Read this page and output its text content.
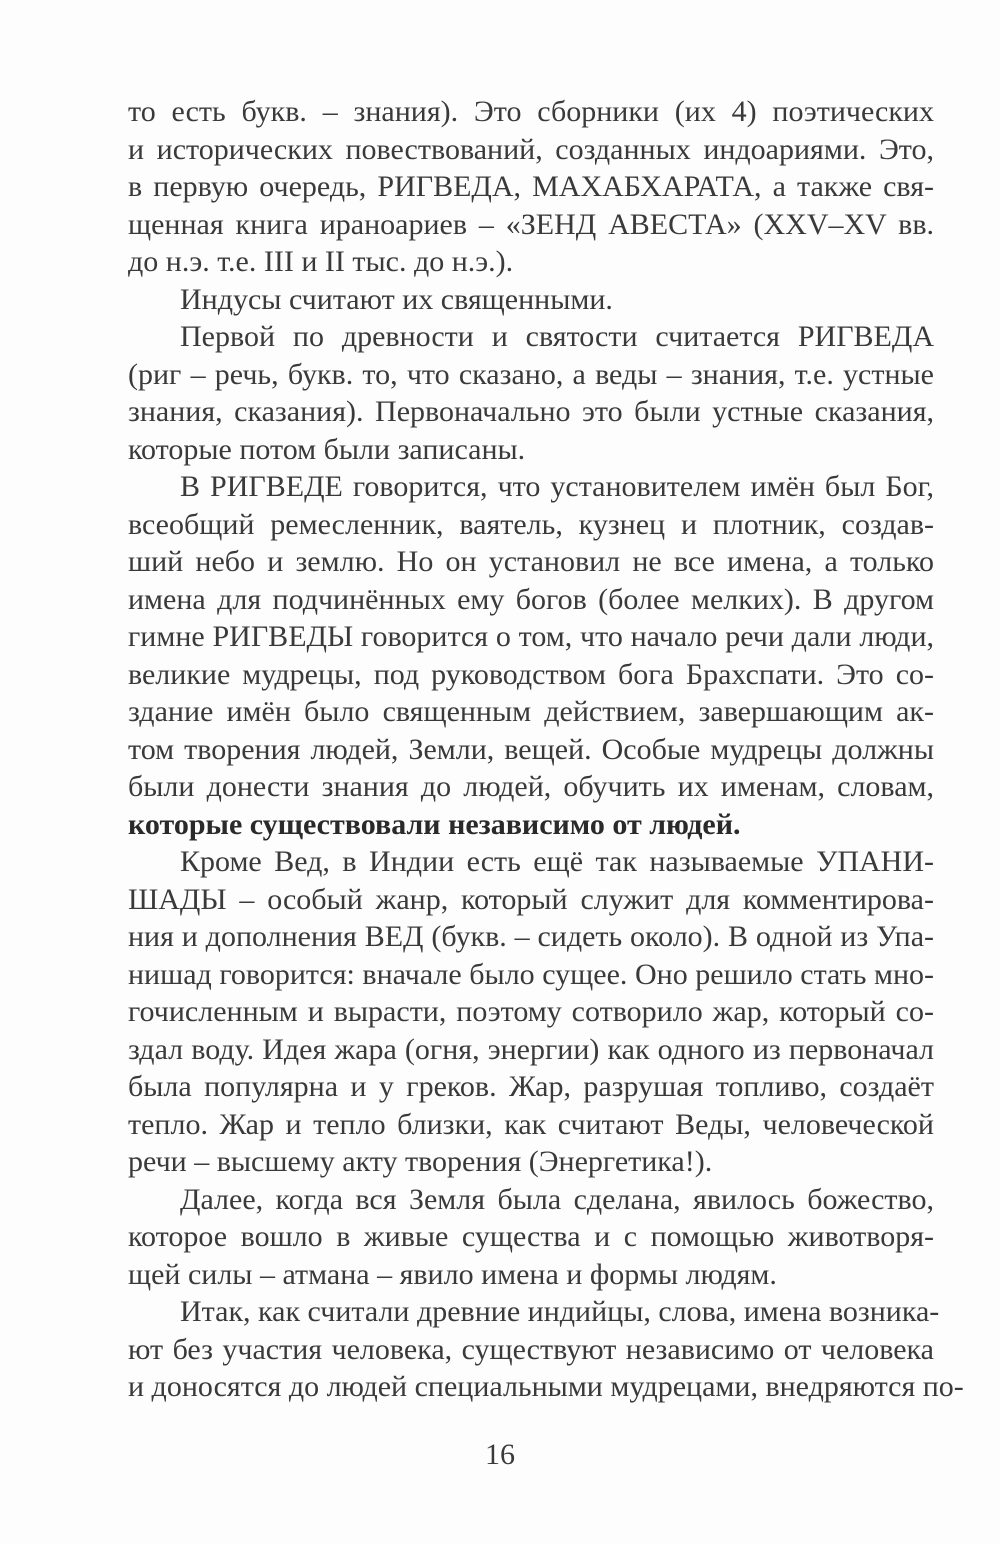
то есть букв. – знания). Это сборники (их 4) поэтических
и исторических повествований, созданных индоариями. Это,
в первую очередь, РИГВЕДА, МАХАБХАРАТА, а также свя-
щенная книга ираноариев – «ЗЕНД АВЕСТА» (XXV–XV вв.
до н.э. т.е. III и II тыс. до н.э.).
Индусы считают их священными.
Первой по древности и святости считается РИГВЕДА
(риг – речь, букв. то, что сказано, а веды – знания, т.е. устные
знания, сказания). Первоначально это были устные сказания,
которые потом были записаны.
В РИГВЕДЕ говорится, что установителем имён был Бог,
всеобщий ремесленник, ваятель, кузнец и плотник, создав-
ший небо и землю. Но он установил не все имена, а только
имена для подчинённых ему богов (более мелких). В другом
гимне РИГВЕДЫ говорится о том, что начало речи дали люди,
великие мудрецы, под руководством бога Брахспати. Это со-
здание имён было священным действием, завершающим ак-
том творения людей, Земли, вещей. Особые мудрецы должны
были донести знания до людей, обучить их именам, словам,
которые существовали независимо от людей.
Кроме Вед, в Индии есть ещё так называемые УПАНИ-
ШАДЫ – особый жанр, который служит для комментирова-
ния и дополнения ВЕД (букв. – сидеть около). В одной из Упа-
нишад говорится: вначале было сущее. Оно решило стать мно-
гочисленным и вырасти, поэтому сотворило жар, который со-
здал воду. Идея жара (огня, энергии) как одного из первоначал
была популярна и у греков. Жар, разрушая топливо, создаёт
тепло. Жар и тепло близки, как считают Веды, человеческой
речи – высшему акту творения (Энергетика!).
Далее, когда вся Земля была сделана, явилось божество,
которое вошло в живые существа и с помощью животворя-
щей силы – атмана – явило имена и формы людям.
Итак, как считали древние индийцы, слова, имена возника-
ют без участия человека, существуют независимо от человека
и доносятся до людей специальными мудрецами, внедряются по-
16
